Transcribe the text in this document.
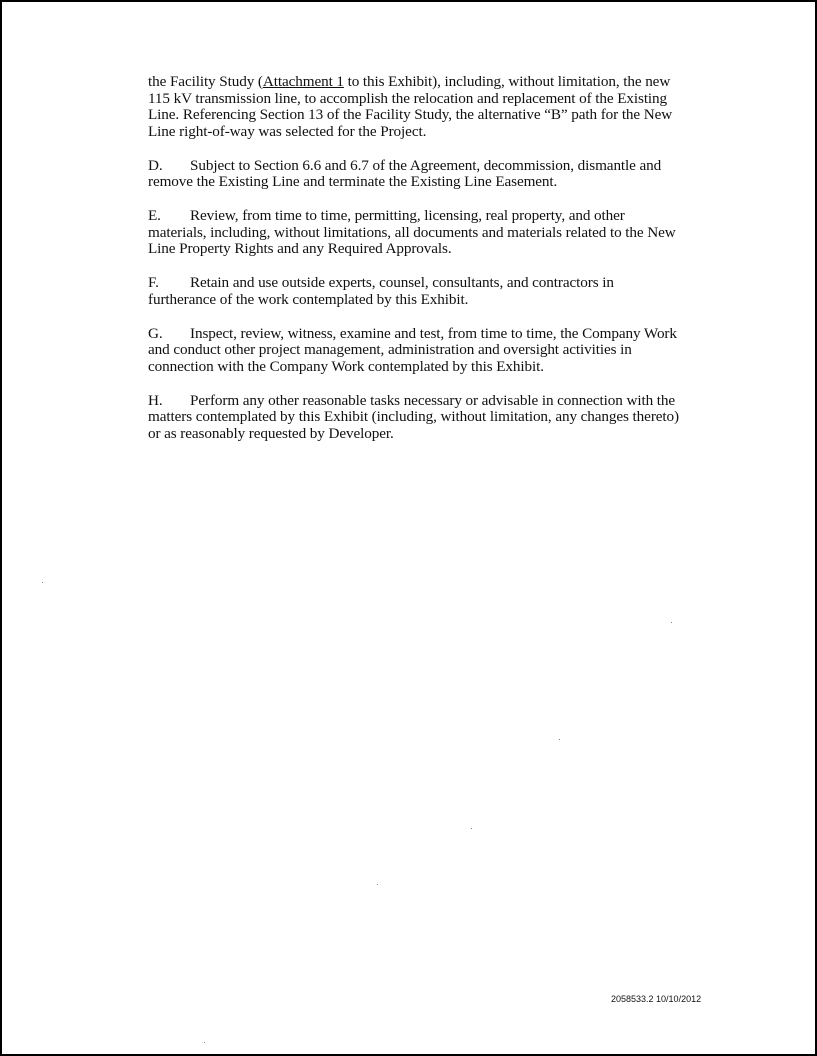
the Facility Study (Attachment 1 to this Exhibit), including, without limitation, the new
115 kV transmission line, to accomplish the relocation and replacement of the Existing
Line. Referencing Section 13 of the Facility Study, the alternative “B” path for the New
Line right-of-way was selected for the Project.
D. Subject to Section 6.6 and 6.7 of the Agreement, decommission, dismantle and
remove the Existing Line and terminate the Existing Line Easement.
E. Review, from time to time, permitting, licensing, real property, and other
materials, including, without limitations, all documents and materials related to the New
Line Property Rights and any Required Approvals.
F. Retain and use outside experts, counsel, consultants, and contractors in
furtherance of the work contemplated by this Exhibit.
G. Inspect, review, witness, examine and test, from time to time, the Company Work
and conduct other project management, administration and oversight activities in
connection with the Company Work contemplated by this Exhibit.
H. Perform any other reasonable tasks necessary or advisable in connection with the
matters contemplated by this Exhibit (including, without limitation, any changes thereto)
or as reasonably requested by Developer.
2058533.2 10/10/2012
